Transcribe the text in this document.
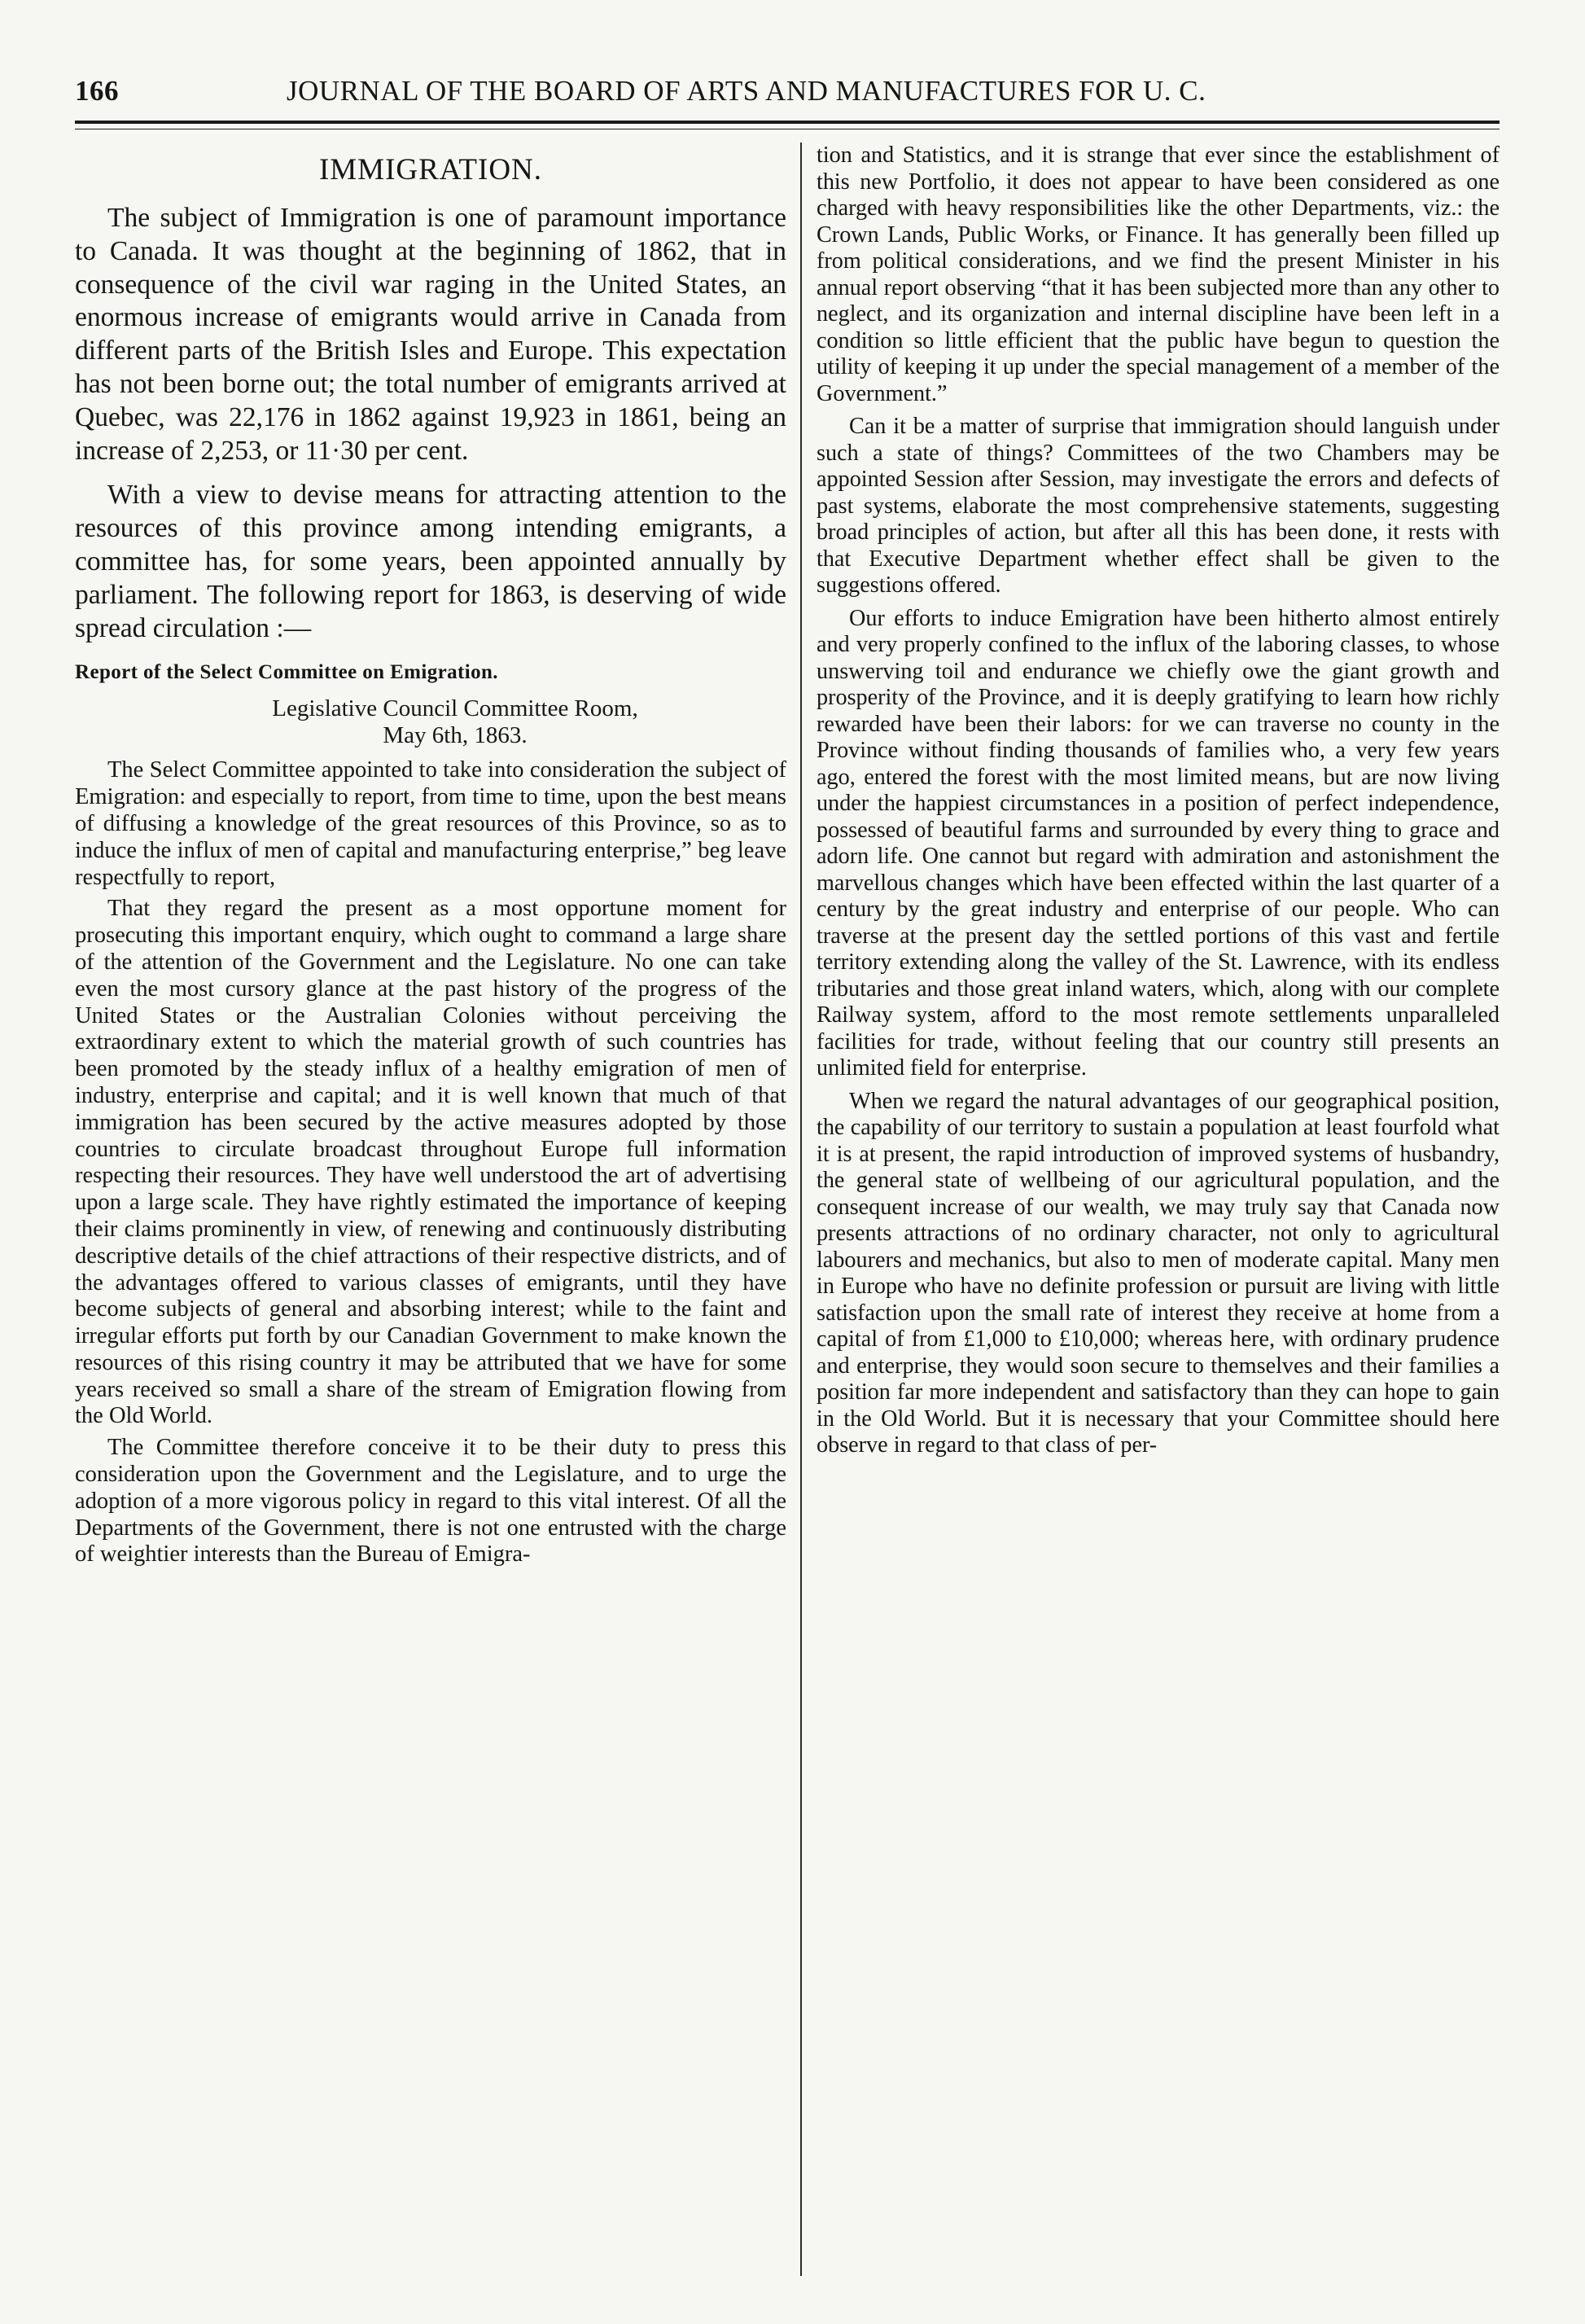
166	JOURNAL OF THE BOARD OF ARTS AND MANUFACTURES FOR U. C.
IMMIGRATION.

The subject of Immigration is one of paramount importance to Canada. It was thought at the beginning of 1862, that in consequence of the civil war raging in the United States, an enormous increase of emigrants would arrive in Canada from different parts of the British Isles and Europe. This expectation has not been borne out; the total number of emigrants arrived at Quebec, was 22,176 in 1862 against 19,923 in 1861, being an increase of 2,253, or 11·30 per cent.

With a view to devise means for attracting attention to the resources of this province among intending emigrants, a committee has, for some years, been appointed annually by parliament. The following report for 1863, is deserving of wide spread circulation :—

Report of the Select Committee on Emigration.
Legislative Council Committee Room,
May 6th, 1863.

The Select Committee appointed to take into consideration the subject of Emigration: and especially to report, from time to time, upon the best means of diffusing a knowledge of the great resources of this Province, so as to induce the influx of men of capital and manufacturing enterprise,” beg leave respectfully to report,

That they regard the present as a most opportune moment for prosecuting this important enquiry, which ought to command a large share of the attention of the Government and the Legislature. No one can take even the most cursory glance at the past history of the progress of the United States or the Australian Colonies without perceiving the extraordinary extent to which the material growth of such countries has been promoted by the steady influx of a healthy emigration of men of industry, enterprise and capital; and it is well known that much of that immigration has been secured by the active measures adopted by those countries to circulate broadcast throughout Europe full information respecting their resources. They have well understood the art of advertising upon a large scale. They have rightly estimated the importance of keeping their claims prominently in view, of renewing and continuously distributing descriptive details of the chief attractions of their respective districts, and of the advantages offered to various classes of emigrants, until they have become subjects of general and absorbing interest; while to the faint and irregular efforts put forth by our Canadian Government to make known the resources of this rising country it may be attributed that we have for some years received so small a share of the stream of Emigration flowing from the Old World.

The Committee therefore conceive it to be their duty to press this consideration upon the Government and the Legislature, and to urge the adoption of a more vigorous policy in regard to this vital interest. Of all the Departments of the Government, there is not one entrusted with the charge of weightier interests than the Bureau of Emigra-

tion and Statistics, and it is strange that ever since the establishment of this new Portfolio, it does not appear to have been considered as one charged with heavy responsibilities like the other Departments, viz.: the Crown Lands, Public Works, or Finance. It has generally been filled up from political considerations, and we find the present Minister in his annual report observing “that it has been subjected more than any other to neglect, and its organization and internal discipline have been left in a condition so little efficient that the public have begun to question the utility of keeping it up under the special management of a member of the Government.”

Can it be a matter of surprise that immigration should languish under such a state of things? Committees of the two Chambers may be appointed Session after Session, may investigate the errors and defects of past systems, elaborate the most comprehensive statements, suggesting broad principles of action, but after all this has been done, it rests with that Executive Department whether effect shall be given to the suggestions offered.

Our efforts to induce Emigration have been hitherto almost entirely and very properly confined to the influx of the laboring classes, to whose unswerving toil and endurance we chiefly owe the giant growth and prosperity of the Province, and it is deeply gratifying to learn how richly rewarded have been their labors: for we can traverse no county in the Province without finding thousands of families who, a very few years ago, entered the forest with the most limited means, but are now living under the happiest circumstances in a position of perfect independence, possessed of beautiful farms and surrounded by every thing to grace and adorn life. One cannot but regard with admiration and astonishment the marvellous changes which have been effected within the last quarter of a century by the great industry and enterprise of our people. Who can traverse at the present day the settled portions of this vast and fertile territory extending along the valley of the St. Lawrence, with its endless tributaries and those great inland waters, which, along with our complete Railway system, afford to the most remote settlements unparalleled facilities for trade, without feeling that our country still presents an unlimited field for enterprise.

When we regard the natural advantages of our geographical position, the capability of our territory to sustain a population at least fourfold what it is at present, the rapid introduction of improved systems of husbandry, the general state of wellbeing of our agricultural population, and the consequent increase of our wealth, we may truly say that Canada now presents attractions of no ordinary character, not only to agricultural labourers and mechanics, but also to men of moderate capital. Many men in Europe who have no definite profession or pursuit are living with little satisfaction upon the small rate of interest they receive at home from a capital of from £1,000 to £10,000; whereas here, with ordinary prudence and enterprise, they would soon secure to themselves and their families a position far more independent and satisfactory than they can hope to gain in the Old World. But it is necessary that your Committee should here observe in regard to that class of per-
